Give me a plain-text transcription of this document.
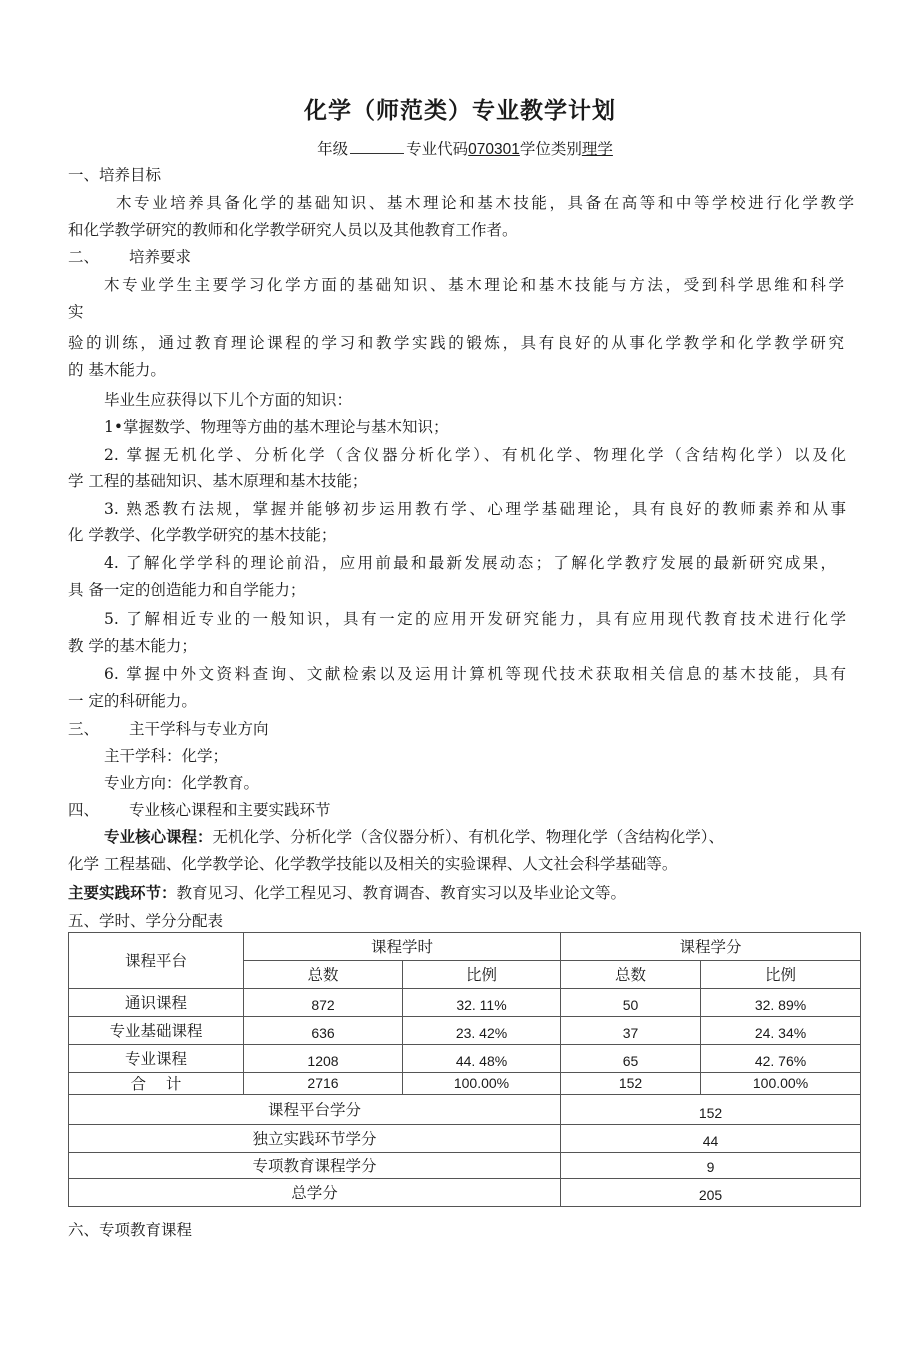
化学（师范类）专业教学计划
年级	专业代码070301学位类别理学
一、培养目标
木专业培养具备化学的基础知识、基木理论和基木技能，具备在高等和中等学校进行化学教学
和化学教学研究的教师和化学教学研究人员以及其他教育工作者。
二、 培养要求
木专业学生主要学习化学方面的基础知识、基木理论和基木技能与方法，受到科学思维和科学
实
验的训练，通过教育理论课程的学习和教学实践的锻炼，具有良好的从事化学教学和化学教学研究
的 基木能力。
毕业生应获得以下儿个方面的知识：
1•掌握数学、物理等方曲的基木理论与基木知识；
2. 掌握无机化学、分析化学（含仪器分析化学）、有机化学、物理化学（含结构化学）以及化
学 工程的基础知识、基木原理和基木技能；
3. 熟悉教冇法规，掌握并能够初步运用教冇学、心理学基础理论，具有良好的教师素养和从事
化 学教学、化学教学研究的基木技能；
4. 了解化学学科的理论前沿，应用前最和最新发展动态；了解化学教疗发展的最新研究成果，
具 备一定的创造能力和自学能力；
5. 了解相近专业的一般知识，具有一定的应用开发研究能力，具有应用现代教育技术进行化学
教 学的基木能力；
6. 掌握中外文资料查询、文献检索以及运用计算机等现代技术获取相关信息的基木技能，具有
一 定的科研能力。
三、 主干学科与专业方向
主干学科：化学；
专业方向：化学教育。
四、 专业核心课程和主要实践环节
专业核心课程：无机化学、分析化学（含仪器分析）、有机化学、物理化学（含结构化学）、
化学 工程基础、化学教学论、化学教学技能以及相关的实验课稈、人文社会科学基础等。
主要实践环节：教育见习、化学工程见习、教育调杳、教育实习以及毕业论文等。
五、学时、学分分配表
课程平台	课程学时		课程学分	
	总数	比例	总数	比例
通识课程	872	32. 11%	50	32. 89%
专业基础课程	636	23. 42%	37	24. 34%
专业课程	1208	44. 48%	65	42. 76%
合    计	2716	100.00%	152	100.00%
课程平台学分			152	
独立实践环节学分			44	
专项教育课程学分			9	
总学分			205	
六、专项教育课程
